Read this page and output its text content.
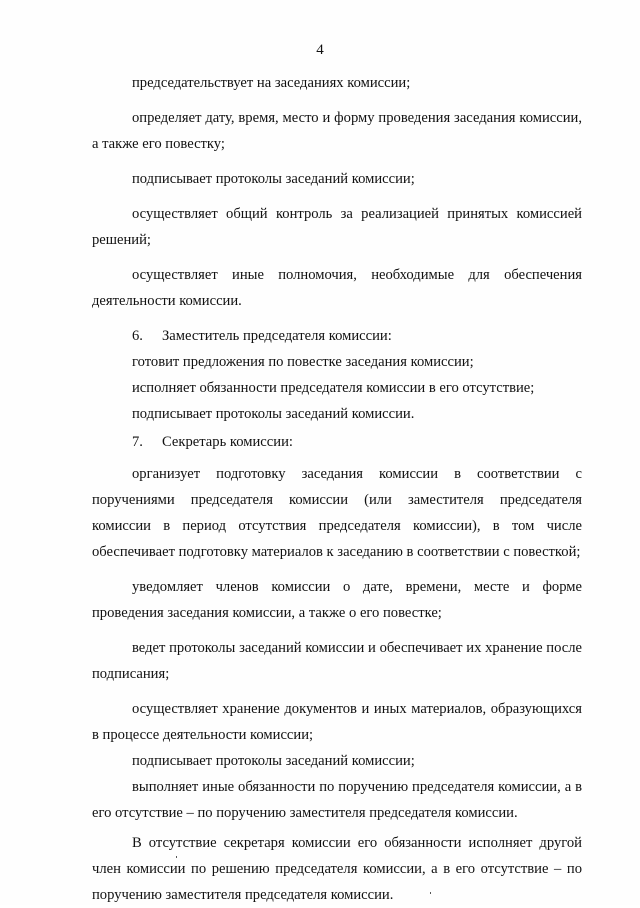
4

председательствует на заседаниях комиссии;

определяет дату, время, место и форму проведения заседания комиссии, а также его повестку;

подписывает протоколы заседаний комиссии;

осуществляет общий контроль за реализацией принятых комиссией решений;

осуществляет иные полномочия, необходимые для обеспечения деятельности комиссии.

6. Заместитель председателя комиссии:

готовит предложения по повестке заседания комиссии;

исполняет обязанности председателя комиссии в его отсутствие;

подписывает протоколы заседаний комиссии.

7. Секретарь комиссии:

организует подготовку заседания комиссии в соответствии с поручениями председателя комиссии (или заместителя председателя комиссии в период отсутствия председателя комиссии), в том числе обеспечивает подготовку материалов к заседанию в соответствии с повесткой;

уведомляет членов комиссии о дате, времени, месте и форме проведения заседания комиссии, а также о его повестке;

ведет протоколы заседаний комиссии и обеспечивает их хранение после подписания;

осуществляет хранение документов и иных материалов, образующихся в процессе деятельности комиссии;

подписывает протоколы заседаний комиссии;

выполняет иные обязанности по поручению председателя комиссии, а в его отсутствие – по поручению заместителя председателя комиссии.

В отсутствие секретаря комиссии его обязанности исполняет другой член комиссии по решению председателя комиссии, а в его отсутствие – по поручению заместителя председателя комиссии.
